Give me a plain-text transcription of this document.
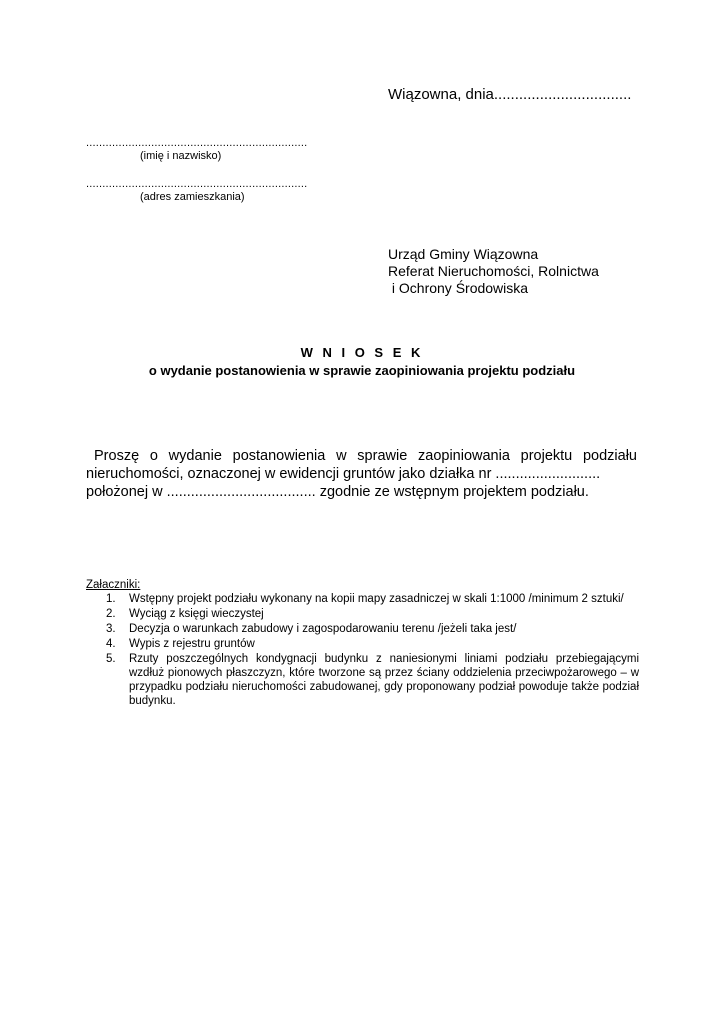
Wiązowna, dnia.................................
....................................................................
(imię i nazwisko)
....................................................................
(adres zamieszkania)
Urząd Gminy Wiązowna
Referat Nieruchomości, Rolnictwa
i Ochrony Środowiska
W N I O S E K
o wydanie postanowienia w sprawie zaopiniowania projektu podziału
Proszę o wydanie postanowienia w sprawie zaopiniowania projektu podziału
nieruchomości, oznaczonej w ewidencji gruntów jako działka nr ..........................
położonej w ..................................... zgodnie ze wstępnym projektem podziału.
Załaczniki:
1. Wstępny projekt podziału wykonany na kopii mapy zasadniczej w skali 1:1000 /minimum 2 sztuki/
2. Wyciąg z księgi wieczystej
3. Decyzja o warunkach zabudowy i zagospodarowaniu terenu /jeżeli taka jest/
4. Wypis z rejestru gruntów
5. Rzuty poszczególnych kondygnacji budynku z naniesionymi liniami podziału przebiegającymi wzdłuż pionowych płaszczyzn, które tworzone są przez ściany oddzielenia przeciwpożarowego – w przypadku podziału nieruchomości zabudowanej, gdy proponowany podział powoduje także podział budynku.
